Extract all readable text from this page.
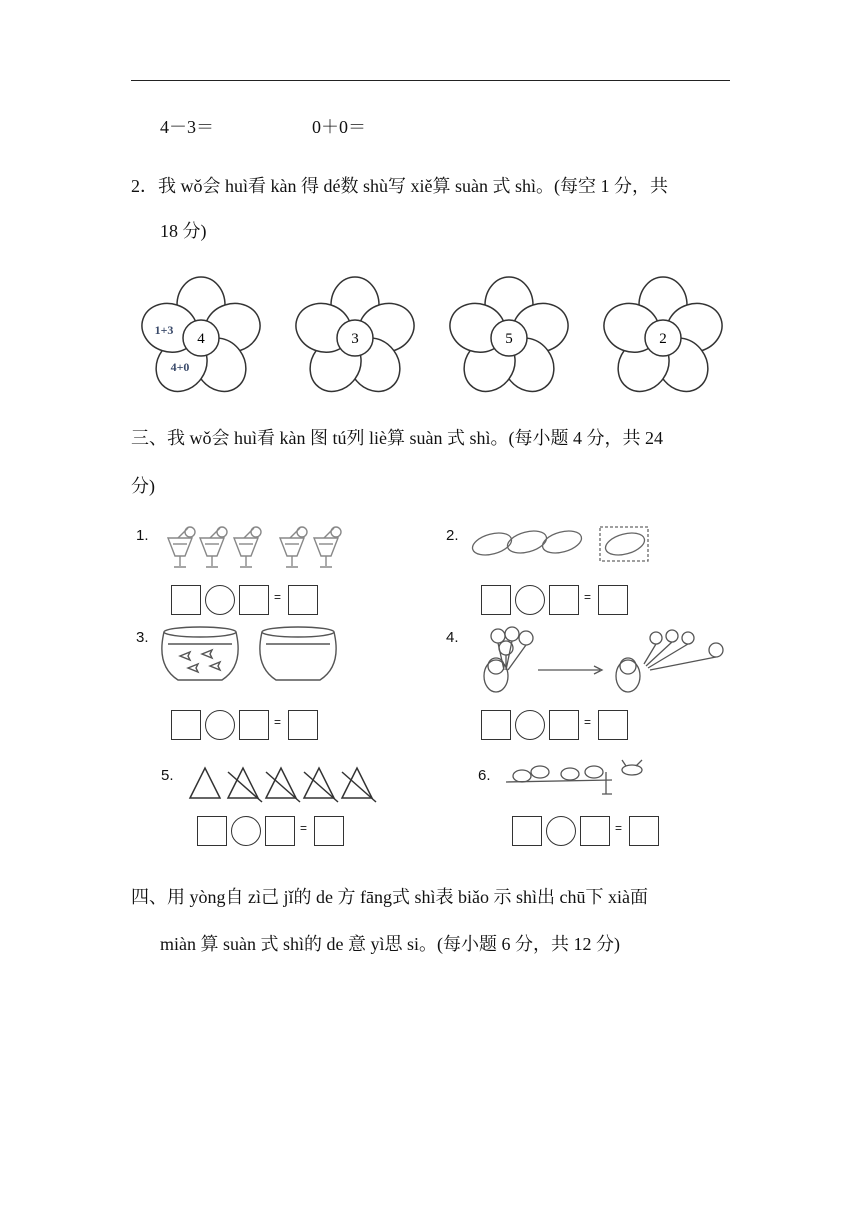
4－3＝	0＋0＝
2．我 wǒ会 huì看 kàn 得 dé数 shù写 xiě算 suàn 式 shì。(每空 1 分，共
18 分)
4
1+3
4+0
3	5	2
三、我 wǒ会 huì看 kàn 图 tú列 liè算 suàn 式 shì。(每小题 4 分，共 24
分)
1.
=
2.
=
3.
=
4.
=
5.
=
6.
=
四、用 yòng自 zì己 jǐ的 de 方 fāng式 shì表 biǎo 示 shì出 chū下 xià面
miàn 算 suàn 式 shì的 de 意 yì思 si。(每小题 6 分，共 12 分)
